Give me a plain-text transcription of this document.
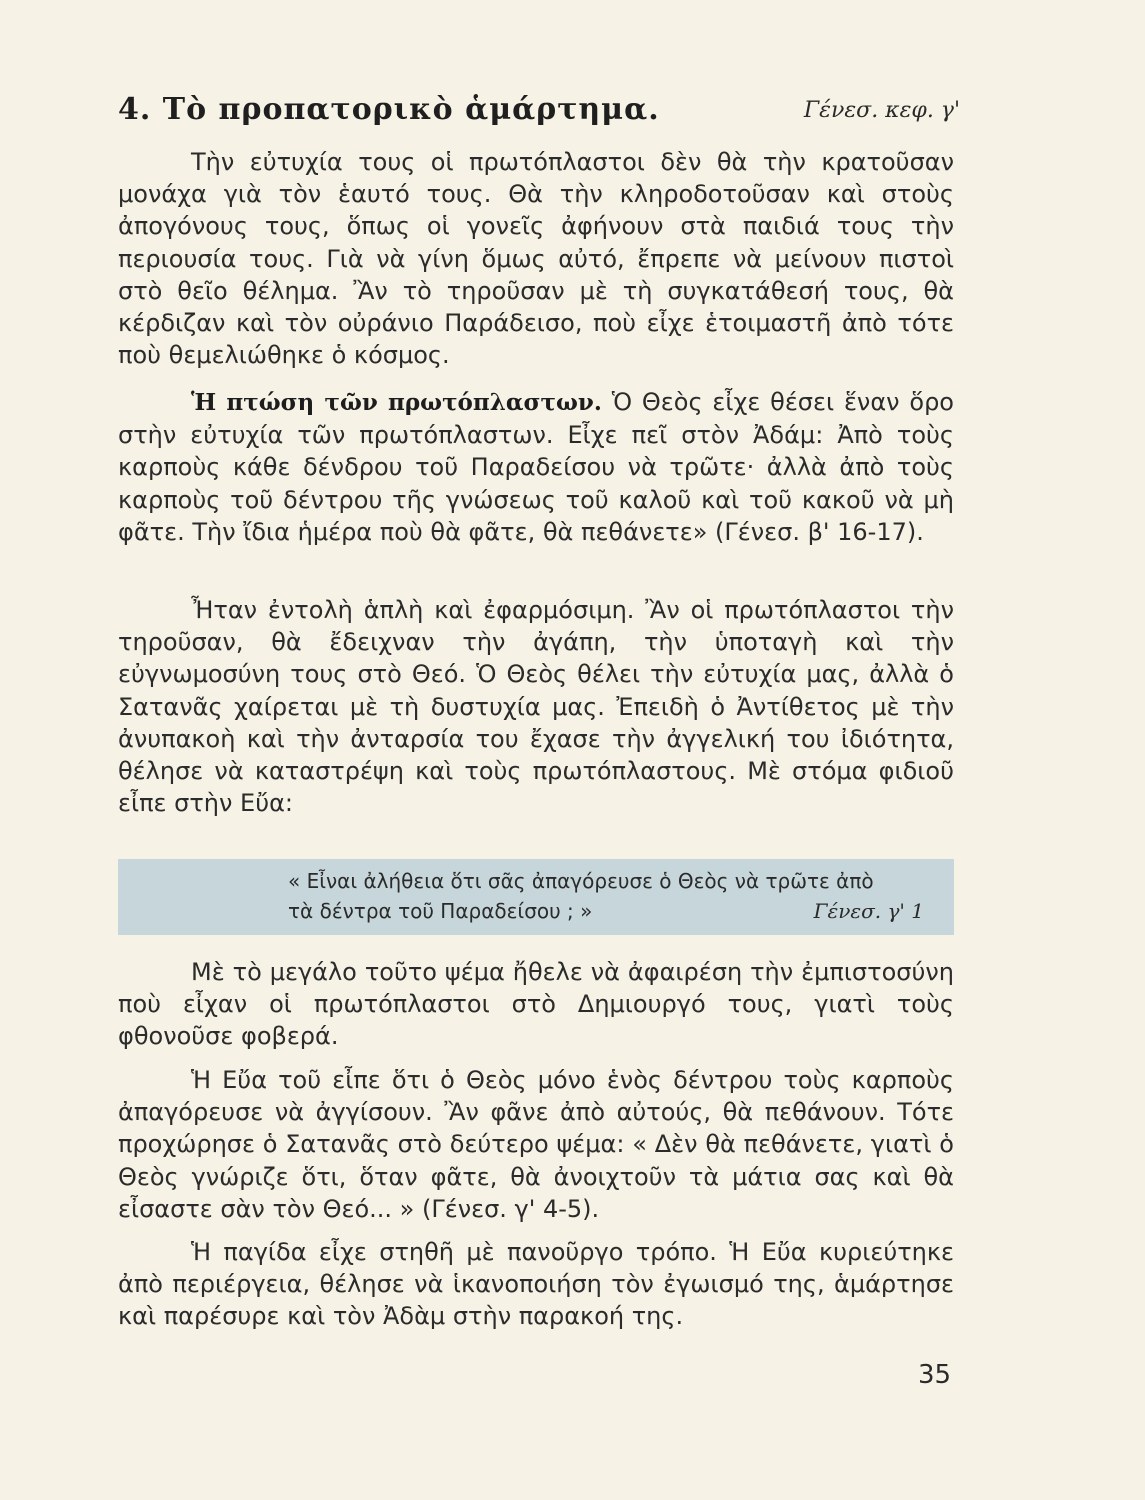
4. Τὸ προπατορικὸ ἁμάρτημα.	Γένεσ. κεφ. γ'

Τὴν εὐτυχία τους οἱ πρωτόπλαστοι δὲν θὰ τὴν κρατοῦσαν μονάχα γιὰ τὸν ἑαυτό τους. Θὰ τὴν κληροδοτοῦσαν καὶ στοὺς ἀπογόνους τους, ὅπως οἱ γονεῖς ἀφήνουν στὰ παιδιά τους τὴν περιουσία τους. Γιὰ νὰ γίνη ὅμως αὐτό, ἔπρεπε νὰ μείνουν πιστοὶ στὸ θεῖο θέλημα. Ἂν τὸ τηροῦσαν μὲ τὴ συγκατάθεσή τους, θὰ κέρδιζαν καὶ τὸν οὐράνιο Παράδεισο, ποὺ εἶχε ἑτοιμαστῆ ἀπὸ τότε ποὺ θεμελιώθηκε ὁ κόσμος.

Ἡ πτώση τῶν πρωτόπλαστων. Ὁ Θεὸς εἶχε θέσει ἕναν ὅρο στὴν εὐτυχία τῶν πρωτόπλαστων. Εἶχε πεῖ στὸν Ἀδάμ: Ἀπὸ τοὺς καρποὺς κάθε δένδρου τοῦ Παραδείσου νὰ τρῶτε· ἀλλὰ ἀπὸ τοὺς καρποὺς τοῦ δέντρου τῆς γνώσεως τοῦ καλοῦ καὶ τοῦ κακοῦ νὰ μὴ φᾶτε. Τὴν ἴδια ἡμέρα ποὺ θὰ φᾶτε, θὰ πεθάνετε» (Γένεσ. β' 16-17).

Ἦταν ἐντολὴ ἁπλὴ καὶ ἐφαρμόσιμη. Ἂν οἱ πρωτόπλαστοι τὴν τηροῦσαν, θὰ ἔδειχναν τὴν ἀγάπη, τὴν ὑποταγὴ καὶ τὴν εὐγνωμοσύνη τους στὸ Θεό. Ὁ Θεὸς θέλει τὴν εὐτυχία μας, ἀλλὰ ὁ Σατανᾶς χαίρεται μὲ τὴ δυστυχία μας. Ἐπειδὴ ὁ Ἀντίθετος μὲ τὴν ἀνυπακοὴ καὶ τὴν ἀνταρσία του ἔχασε τὴν ἀγγελική του ἰδιότητα, θέλησε νὰ καταστρέψη καὶ τοὺς πρωτόπλαστους. Μὲ στόμα φιδιοῦ εἶπε στὴν Εὔα:

« Εἶναι ἀλήθεια ὅτι σᾶς ἀπαγόρευσε ὁ Θεὸς νὰ τρῶτε ἀπὸ
τὰ δέντρα τοῦ Παραδείσου ; »	Γένεσ. γ' 1

Μὲ τὸ μεγάλο τοῦτο ψέμα ἤθελε νὰ ἀφαιρέση τὴν ἐμπιστοσύνη ποὺ εἶχαν οἱ πρωτόπλαστοι στὸ Δημιουργό τους, γιατὶ τοὺς φθονοῦσε φοβερά.

Ἡ Εὔα τοῦ εἶπε ὅτι ὁ Θεὸς μόνο ἑνὸς δέντρου τοὺς καρποὺς ἀπαγόρευσε νὰ ἀγγίσουν. Ἂν φᾶνε ἀπὸ αὐτούς, θὰ πεθάνουν. Τότε προχώρησε ὁ Σατανᾶς στὸ δεύτερο ψέμα: « Δὲν θὰ πεθάνετε, γιατὶ ὁ Θεὸς γνώριζε ὅτι, ὅταν φᾶτε, θὰ ἀνοιχτοῦν τὰ μάτια σας καὶ θὰ εἶσαστε σὰν τὸν Θεό... » (Γένεσ. γ' 4-5).

Ἡ παγίδα εἶχε στηθῆ μὲ πανοῦργο τρόπο. Ἡ Εὔα κυριεύτηκε ἀπὸ περιέργεια, θέλησε νὰ ἱκανοποιήση τὸν ἐγωισμό της, ἁμάρτησε καὶ παρέσυρε καὶ τὸν Ἀδὰμ στὴν παρακοή της.

35
